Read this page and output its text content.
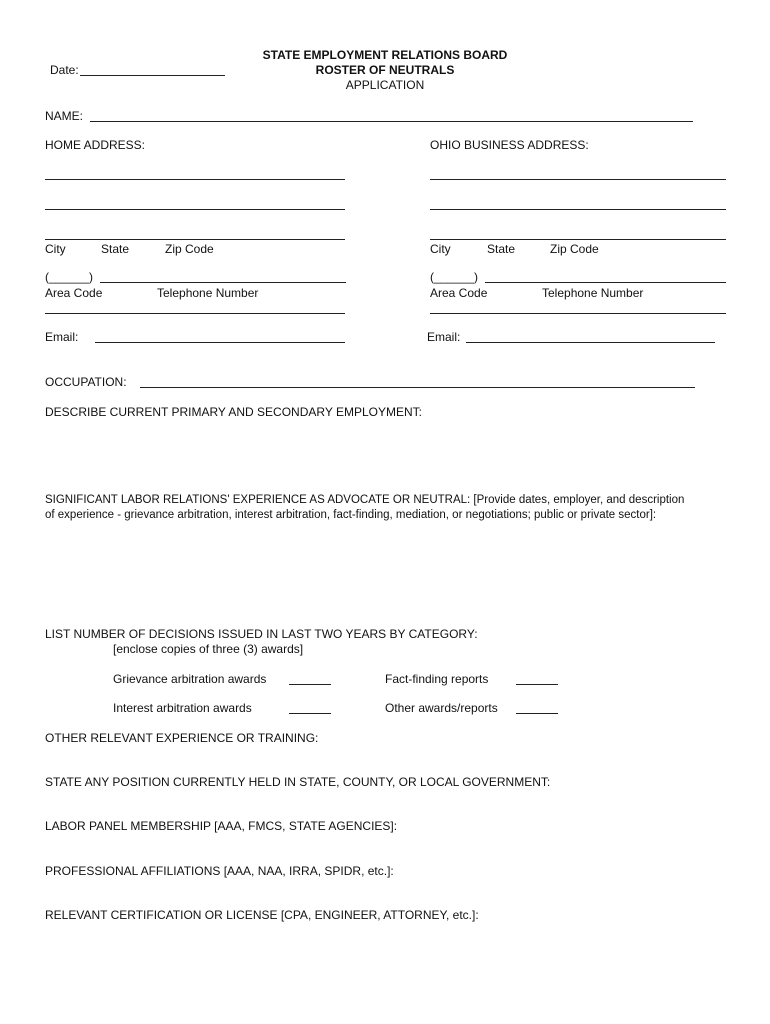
STATE EMPLOYMENT RELATIONS BOARD
ROSTER OF NEUTRALS
APPLICATION
Date:
NAME:
HOME ADDRESS:	OHIO BUSINESS ADDRESS:
City	State	Zip Code	City	State	Zip Code
(______)	(______)
Area Code	Telephone Number	Area Code	Telephone Number
Email:	Email:
OCCUPATION:
DESCRIBE CURRENT PRIMARY AND SECONDARY EMPLOYMENT:
SIGNIFICANT LABOR RELATIONS' EXPERIENCE AS ADVOCATE OR NEUTRAL: [Provide dates, employer, and description
of experience - grievance arbitration, interest arbitration, fact-finding, mediation, or negotiations; public or private sector]:
LIST NUMBER OF DECISIONS ISSUED IN LAST TWO YEARS BY CATEGORY:
[enclose copies of three (3) awards]
Grievance arbitration awards	Fact-finding reports
Interest arbitration awards	Other awards/reports
OTHER RELEVANT EXPERIENCE OR TRAINING:
STATE ANY POSITION CURRENTLY HELD IN STATE, COUNTY, OR LOCAL GOVERNMENT:
LABOR PANEL MEMBERSHIP [AAA, FMCS, STATE AGENCIES]:
PROFESSIONAL AFFILIATIONS [AAA, NAA, IRRA, SPIDR, etc.]:
RELEVANT CERTIFICATION OR LICENSE [CPA, ENGINEER, ATTORNEY, etc.]:
